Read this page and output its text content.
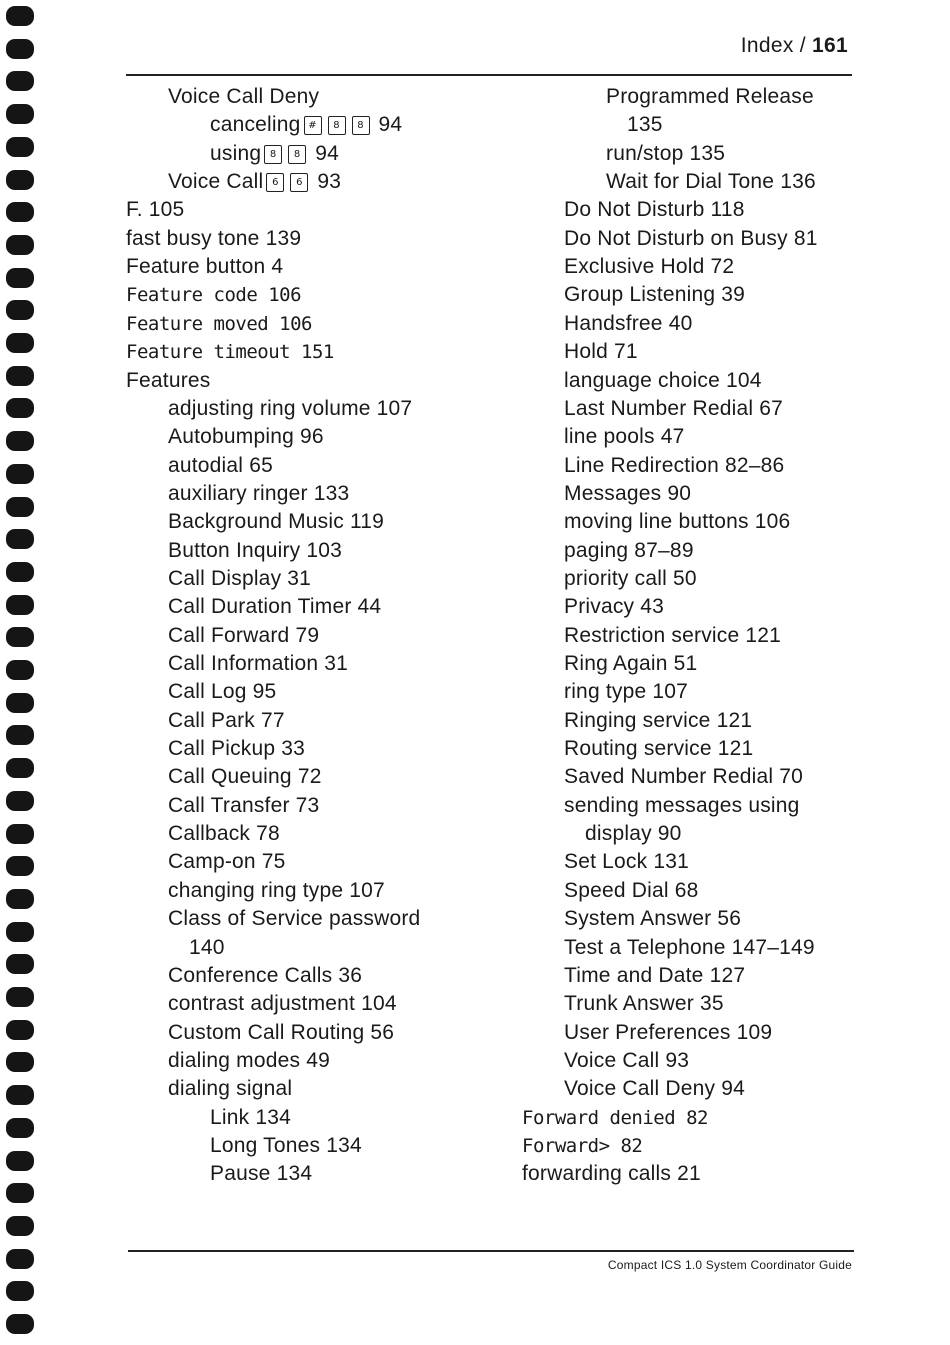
Index / 161
Voice Call Deny
canceling # 8 8 94
using 8 8 94
Voice Call 6 6 93
F. 105
fast busy tone 139
Feature button 4
Feature code 106
Feature moved 106
Feature timeout 151
Features
adjusting ring volume 107
Autobumping 96
autodial 65
auxiliary ringer 133
Background Music 119
Button Inquiry 103
Call Display 31
Call Duration Timer 44
Call Forward 79
Call Information 31
Call Log 95
Call Park 77
Call Pickup 33
Call Queuing 72
Call Transfer 73
Callback 78
Camp-on 75
changing ring type 107
Class of Service password
140
Conference Calls 36
contrast adjustment 104
Custom Call Routing 56
dialing modes 49
dialing signal
Link 134
Long Tones 134
Pause 134
Programmed Release
135
run/stop 135
Wait for Dial Tone 136
Do Not Disturb 118
Do Not Disturb on Busy 81
Exclusive Hold 72
Group Listening 39
Handsfree 40
Hold 71
language choice 104
Last Number Redial 67
line pools 47
Line Redirection 82–86
Messages 90
moving line buttons 106
paging 87–89
priority call 50
Privacy 43
Restriction service 121
Ring Again 51
ring type 107
Ringing service 121
Routing service 121
Saved Number Redial 70
sending messages using
display 90
Set Lock 131
Speed Dial 68
System Answer 56
Test a Telephone 147–149
Time and Date 127
Trunk Answer 35
User Preferences 109
Voice Call 93
Voice Call Deny 94
Forward denied 82
Forward> 82
forwarding calls 21
Compact ICS 1.0 System Coordinator Guide
